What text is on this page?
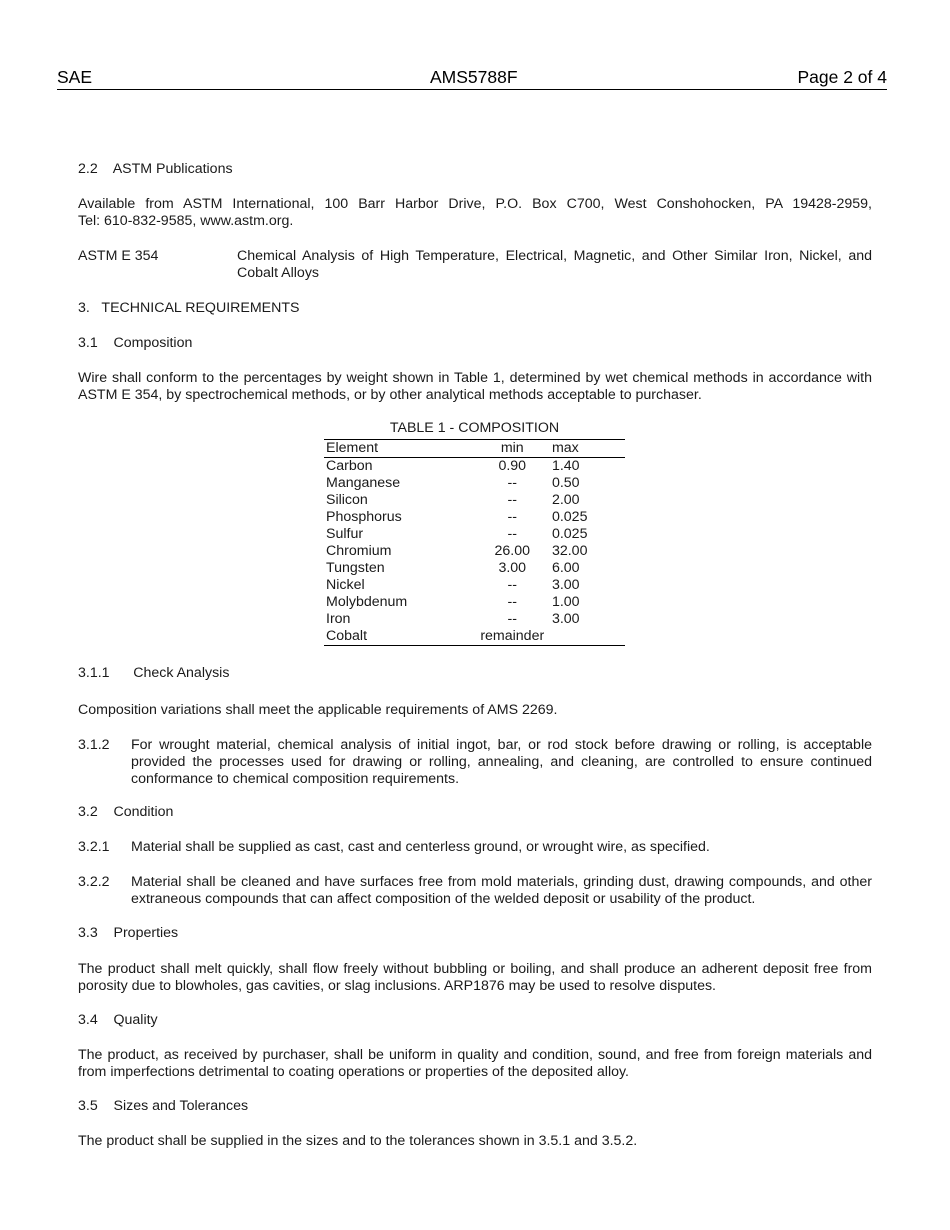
SAE	AMS5788F	Page 2 of 4
2.2    ASTM Publications
Available from ASTM International, 100 Barr Harbor Drive, P.O. Box C700, West Conshohocken, PA 19428-2959,
Tel: 610-832-9585, www.astm.org.
ASTM E 354	Chemical Analysis of High Temperature, Electrical, Magnetic, and Other Similar Iron, Nickel, and Cobalt Alloys
3.   TECHNICAL REQUIREMENTS
3.1    Composition
Wire shall conform to the percentages by weight shown in Table 1, determined by wet chemical methods in accordance with ASTM E 354, by spectrochemical methods, or by other analytical methods acceptable to purchaser.
TABLE 1 - COMPOSITION
Element	min	max
Carbon	0.90	1.40
Manganese	--	0.50
Silicon	--	2.00
Phosphorus	--	0.025
Sulfur	--	0.025
Chromium	26.00	32.00
Tungsten	3.00	6.00
Nickel	--	3.00
Molybdenum	--	1.00
Iron	--	3.00
Cobalt	remainder	
3.1.1      Check Analysis
Composition variations shall meet the applicable requirements of AMS 2269.
3.1.2 For wrought material, chemical analysis of initial ingot, bar, or rod stock before drawing or rolling, is acceptable provided the processes used for drawing or rolling, annealing, and cleaning, are controlled to ensure continued conformance to chemical composition requirements.
3.2    Condition
3.2.1 Material shall be supplied as cast, cast and centerless ground, or wrought wire, as specified.
3.2.2 Material shall be cleaned and have surfaces free from mold materials, grinding dust, drawing compounds, and other extraneous compounds that can affect composition of the welded deposit or usability of the product.
3.3    Properties
The product shall melt quickly, shall flow freely without bubbling or boiling, and shall produce an adherent deposit free from porosity due to blowholes, gas cavities, or slag inclusions. ARP1876 may be used to resolve disputes.
3.4    Quality
The product, as received by purchaser, shall be uniform in quality and condition, sound, and free from foreign materials and from imperfections detrimental to coating operations or properties of the deposited alloy.
3.5    Sizes and Tolerances
The product shall be supplied in the sizes and to the tolerances shown in 3.5.1 and 3.5.2.
